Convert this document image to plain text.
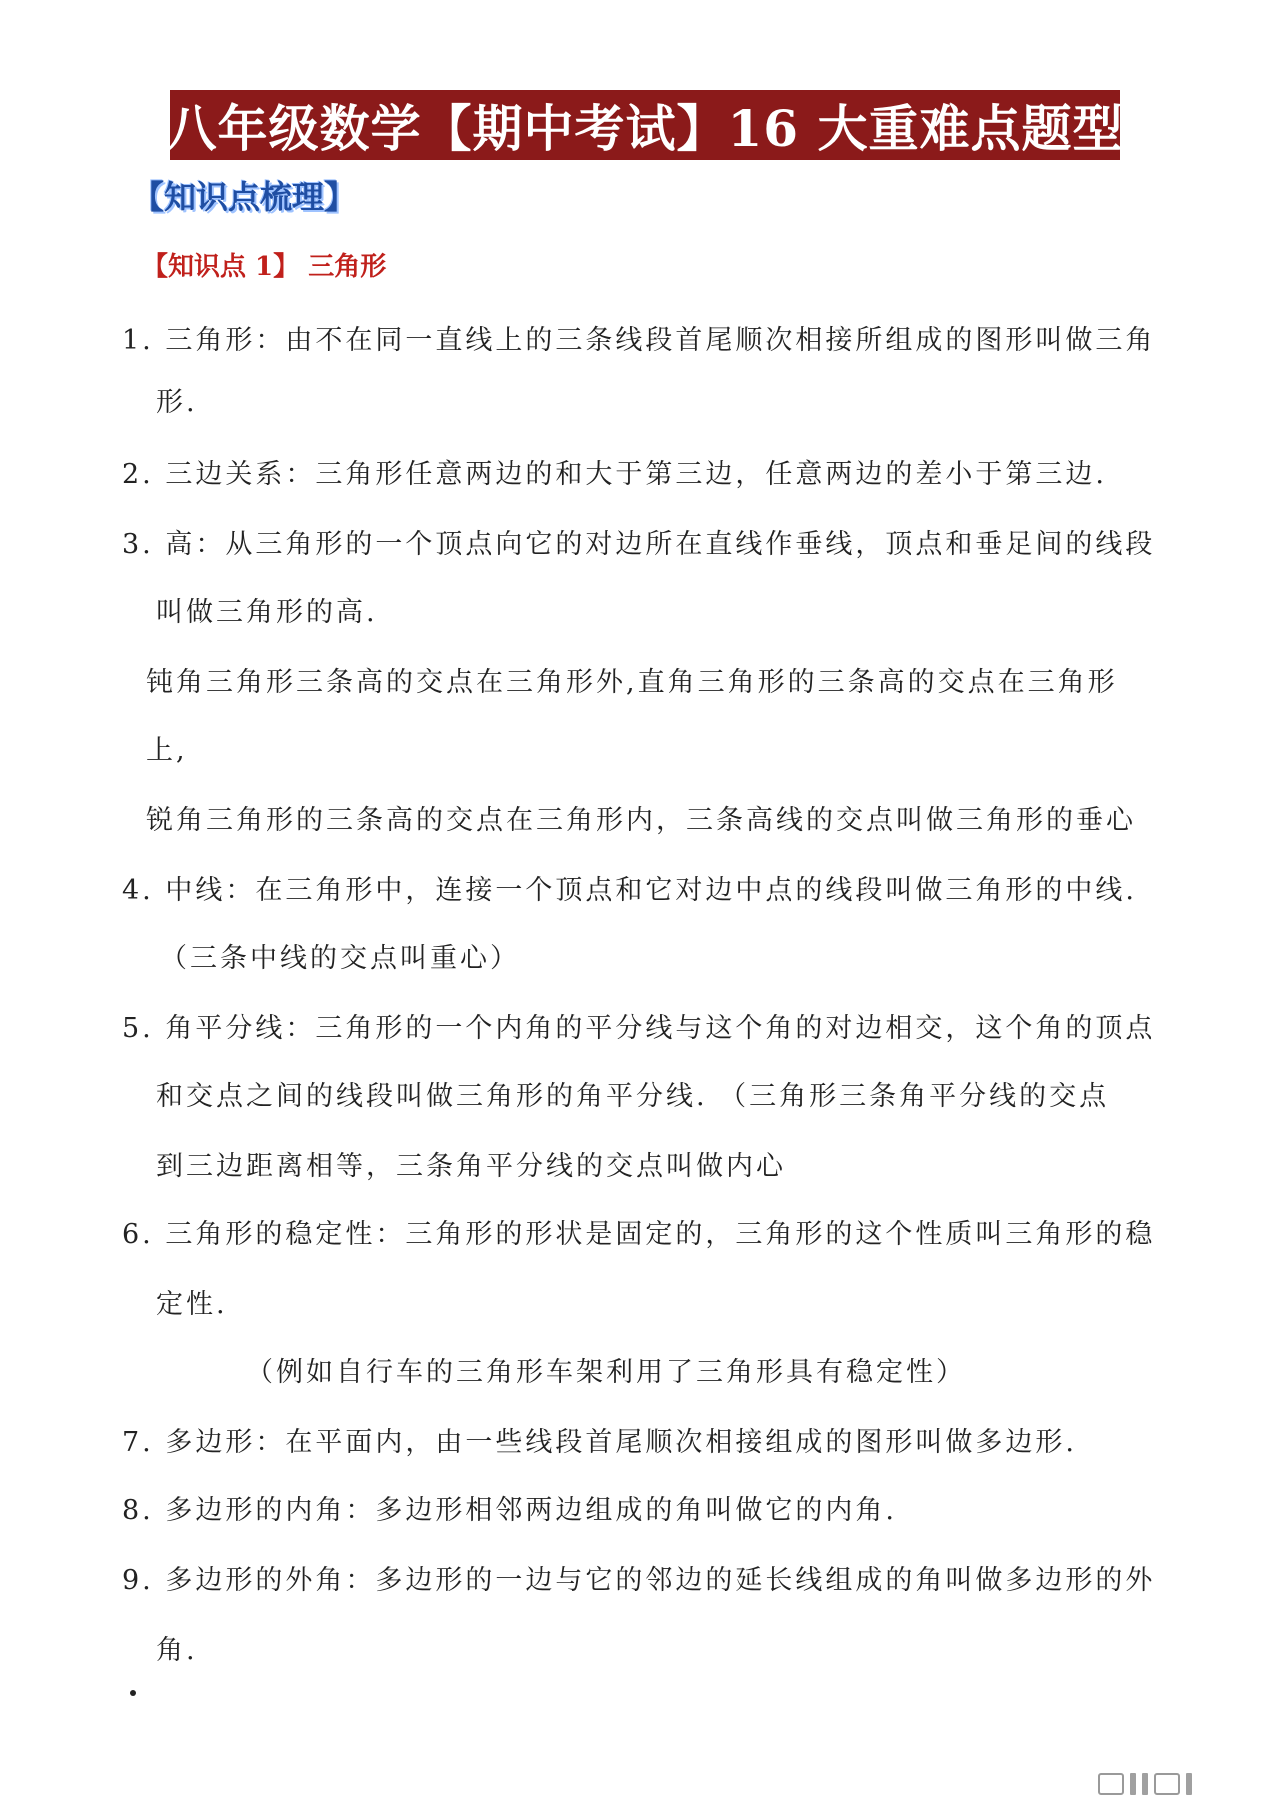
八年级数学【期中考试】16 大重难点题型
【知识点梳理】
【知识点 1】 三角形
1. 三角形：由不在同一直线上的三条线段首尾顺次相接所组成的图形叫做三角
形.
2. 三边关系：三角形任意两边的和大于第三边，任意两边的差小于第三边.
3. 高：从三角形的一个顶点向它的对边所在直线作垂线，顶点和垂足间的线段
叫做三角形的高.
钝角三角形三条高的交点在三角形外,直角三角形的三条高的交点在三角形
上,
锐角三角形的三条高的交点在三角形内，三条高线的交点叫做三角形的垂心
4. 中线：在三角形中，连接一个顶点和它对边中点的线段叫做三角形的中线.
（三条中线的交点叫重心）
5. 角平分线：三角形的一个内角的平分线与这个角的对边相交，这个角的顶点
和交点之间的线段叫做三角形的角平分线. （三角形三条角平分线的交点
到三边距离相等，三条角平分线的交点叫做内心
6. 三角形的稳定性：三角形的形状是固定的，三角形的这个性质叫三角形的稳
定性.
（例如自行车的三角形车架利用了三角形具有稳定性）
7. 多边形：在平面内，由一些线段首尾顺次相接组成的图形叫做多边形.
8. 多边形的内角：多边形相邻两边组成的角叫做它的内角.
9. 多边形的外角：多边形的一边与它的邻边的延长线组成的角叫做多边形的外
角.
